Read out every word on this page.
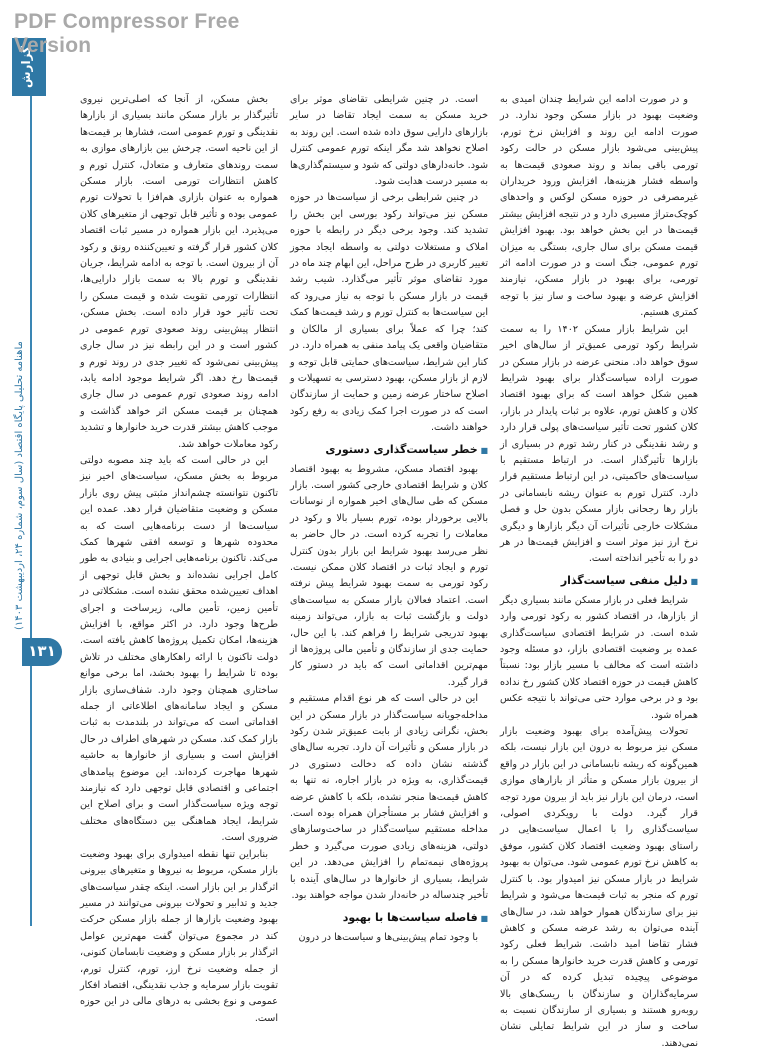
PDF Compressor Free Version
گزارش
ماهنامه تحلیلی پایگاه اقتصاد (سال سوم، شماره ۲۴، اردیبهشت ۱۴۰۳)
۱۳۱

و در صورت ادامه این شرایط چندان امیدی به وضعیت بهبود در بازار مسکن وجود ندارد. در صورت ادامه این روند و افزایش نرخ تورم، پیش‌بینی می‌شود بازار مسکن در حالت رکود تورمی باقی بماند و روند صعودی قیمت‌ها به واسطه فشار هزینه‌ها، افزایش ورود خریداران غیرمصرفی در حوزه مسکن لوکس و واحدهای کوچک‌متراژ مسیری دارد و در نتیجه افزایش بیشتر قیمت‌ها در این بخش خواهد بود. بهبود افزایش قیمت مسکن برای سال جاری، بستگی به میزان تورم عمومی، جنگ است و در صورت ادامه اثر تورمی، برای بهبود در بازار مسکن، نیازمند افزایش عرضه و بهبود ساخت و ساز نیز با توجه کمتری هستیم.

این شرایط بازار مسکن ۱۴۰۲ را به سمت شرایط رکود تورمی عمیق‌تر از سال‌های اخیر سوق خواهد داد. منحنی عرضه در بازار مسکن در صورت اراده سیاست‌گذار برای بهبود شرایط همین شکل خواهد است که برای بهبود اقتصاد کلان و کاهش تورم، علاوه بر ثبات پایدار در بازار، کلان کشور تحت تأثیر سیاست‌های پولی قرار دارد و رشد نقدینگی در کنار رشد تورم در بسیاری از بازارها تأثیرگذار است. در ارتباط مستقیم با سیاست‌های حاکمیتی، در این ارتباط مستقیم قرار دارد. کنترل تورم به عنوان ریشه نابسامانی در بازار رها رجحانی بازار مسکن بدون حل و فصل مشکلات خارجی تأثیرات آن دیگر بازارها و دیگری نرخ ارز نیز موثر است و افزایش قیمت‌ها در هر دو را به تأخیر انداخته است.

■ دلیل منفی سیاست‌گذار

شرایط فعلی در بازار مسکن مانند بسیاری دیگر از بازارها، در اقتصاد کشور به رکود تورمی وارد شده است. در شرایط اقتصادی سیاست‌گذاری عمده بر وضعیت اقتصادی بازار، دو مسئله وجود داشته است که مخالف با مسیر بازار بود: نسبتاً کاهش قیمت در حوزه اقتصاد کلان کشور رخ نداده بود و در برخی موارد حتی می‌تواند با نتیجه عکس همراه شود.

تحولات پیش‌آمده برای بهبود وضعیت بازار مسکن نیز مربوط به درون این بازار نیست، بلکه همین‌گونه که ریشه نابسامانی در این بازار در واقع از بیرون بازار مسکن و متأثر از بازارهای موازی است، درمان این بازار نیز باید از بیرون مورد توجه قرار گیرد. دولت با رویکردی اصولی، سیاست‌گذاری را با اعمال سیاست‌هایی در راستای بهبود وضعیت اقتصاد کلان کشور، موفق به کاهش نرخ تورم عمومی شود. می‌توان به بهبود شرایط در بازار مسکن نیز امیدوار بود. با کنترل تورم که منجر به ثبات قیمت‌ها می‌شود و شرایط نیز برای سازندگان هموار خواهد شد، در سال‌های آینده می‌توان به رشد عرضه مسکن و کاهش فشار تقاضا امید داشت. شرایط فعلی رکود تورمی و کاهش قدرت خرید خانوارها مسکن را به موضوعی پیچیده تبدیل کرده که در آن سرمایه‌گذاران و سازندگان با ریسک‌های بالا روبه‌رو هستند و بسیاری از سازندگان نسبت به ساخت و ساز در این شرایط تمایلی نشان نمی‌دهند.

است. در چنین شرایطی تقاضای موثر برای خرید مسکن به سمت ایجاد تقاضا در سایر بازارهای دارایی سوق داده شده است. این روند به اصلاح نخواهد شد مگر اینکه تورم عمومی کنترل شود. خانه‌دارهای دولتی که شود و سیستم‌گذاری‌ها به مسیر درست هدایت شود.

در چنین شرایطی برخی از سیاست‌ها در حوزه مسکن نیز می‌تواند رکود بورسی این بخش را تشدید کند. وجود برخی دیگر در رابطه با حوزه املاک و مستغلات دولتی به واسطه ایجاد مجوز تغییر کاربری در طرح مراحل، این ابهام چند ماه در مورد تقاضای موثر تأثیر می‌گذارد. شیب رشد قیمت در بازار مسکن با توجه به نیاز می‌رود که این سیاست‌ها به کنترل تورم و رشد قیمت‌ها کمک کند؛ چرا که عملاً برای بسیاری از مالکان و متقاضیان واقعی یک پیامد منفی به همراه دارد. در کنار این شرایط، سیاست‌های حمایتی قابل توجه و لازم از بازار مسکن، بهبود دسترسی به تسهیلات و اصلاح ساختار عرضه زمین و حمایت از سازندگان است که در صورت اجرا کمک زیادی به رفع رکود خواهند داشت.

■ خطر سیاست‌گذاری دستوری

بهبود اقتصاد مسکن، مشروط به بهبود اقتصاد کلان و شرایط اقتصادی خارجی کشور است. بازار مسکن که طی سال‌های اخیر همواره از نوسانات بالایی برخوردار بوده، تورم بسیار بالا و رکود در معاملات را تجربه کرده است. در حال حاضر به نظر می‌رسد بهبود شرایط این بازار بدون کنترل تورم و ایجاد ثبات در اقتصاد کلان ممکن نیست. رکود تورمی به سمت بهبود شرایط پیش نرفته است. اعتماد فعالان بازار مسکن به سیاست‌های دولت و بازگشت ثبات به بازار، می‌تواند زمینه بهبود تدریجی شرایط را فراهم کند. با این حال، حمایت جدی از سازندگان و تأمین مالی پروژه‌ها از مهم‌ترین اقداماتی است که باید در دستور کار قرار گیرد.

این در حالی است که هر نوع اقدام مستقیم و مداخله‌جویانه سیاست‌گذار در بازار مسکن در این بخش، نگرانی زیادی از بابت عمیق‌تر شدن رکود در بازار مسکن و تأثیرات آن دارد. تجربه سال‌های گذشته نشان داده که دخالت دستوری در قیمت‌گذاری، به ویژه در بازار اجاره، نه تنها به کاهش قیمت‌ها منجر نشده، بلکه با کاهش عرضه و افزایش فشار بر مستأجران همراه بوده است. مداخله مستقیم سیاست‌گذار در ساخت‌وسازهای دولتی، هزینه‌های زیادی صورت می‌گیرد و خطر پروژه‌های نیمه‌تمام را افزایش می‌دهد. در این شرایط، بسیاری از خانوارها در سال‌های آینده با تأخیر چندساله در خانه‌دار شدن مواجه خواهند بود.

■ فاصله سیاست‌ها با بهبود

با وجود تمام پیش‌بینی‌ها و سیاست‌ها در درون

بخش مسکن، از آنجا که اصلی‌ترین نیروی تأثیرگذار بر بازار مسکن مانند بسیاری از بازارها نقدینگی و تورم عمومی است، فشارها بر قیمت‌ها از این ناحیه است. چرخش بین بازارهای موازی به سمت روندهای متعارف و متعادل، کنترل تورم و کاهش انتظارات تورمی است. بازار مسکن همواره به عنوان بازاری هم‌افزا با تحولات تورم عمومی بوده و تأثیر قابل توجهی از متغیرهای کلان می‌پذیرد. این بازار همواره در مسیر ثبات اقتصاد کلان کشور قرار گرفته و تعیین‌کننده رونق و رکود آن از بیرون است. با توجه به ادامه شرایط، جریان نقدینگی و تورم بالا به سمت بازار دارایی‌ها، انتظارات تورمی تقویت شده و قیمت مسکن را تحت تأثیر خود قرار داده است. بخش مسکن، انتظار پیش‌بینی روند صعودی تورم عمومی در کشور است و در این رابطه نیز در سال جاری پیش‌بینی نمی‌شود که تغییر جدی در روند تورم و قیمت‌ها رخ دهد. اگر شرایط موجود ادامه یابد، ادامه روند صعودی تورم عمومی در سال جاری همچنان بر قیمت مسکن اثر خواهد گذاشت و موجب کاهش بیشتر قدرت خرید خانوارها و تشدید رکود معاملات خواهد شد.

این در حالی است که باید چند مصوبه دولتی مربوط به بخش مسکن، سیاست‌های اخیر نیز تاکنون نتوانسته چشم‌انداز مثبتی پیش روی بازار مسکن و وضعیت متقاضیان قرار دهد. عمده این سیاست‌ها از دست برنامه‌هایی است که به محدوده شهرها و توسعه افقی شهرها کمک می‌کند. تاکنون برنامه‌هایی اجرایی و بنیادی به طور کامل اجرایی نشده‌اند و بخش قابل توجهی از اهداف تعیین‌شده محقق نشده است. مشکلاتی در تأمین زمین، تأمین مالی، زیرساخت و اجرای طرح‌ها وجود دارد. در اکثر مواقع، با افزایش هزینه‌ها، امکان تکمیل پروژه‌ها کاهش یافته است. دولت تاکنون با ارائه راهکارهای مختلف در تلاش بوده تا شرایط را بهبود بخشد، اما برخی موانع ساختاری همچنان وجود دارد. شفاف‌سازی بازار مسکن و ایجاد سامانه‌های اطلاعاتی از جمله اقداماتی است که می‌تواند در بلندمدت به ثبات بازار کمک کند. مسکن در شهرهای اطراف در حال افزایش است و بسیاری از خانوارها به حاشیه شهرها مهاجرت کرده‌اند. این موضوع پیامدهای اجتماعی و اقتصادی قابل توجهی دارد که نیازمند توجه ویژه سیاست‌گذار است و برای اصلاح این شرایط، ایجاد هماهنگی بین دستگاه‌های مختلف ضروری است.

بنابراین تنها نقطه امیدواری برای بهبود وضعیت بازار مسکن، مربوط به نیروها و متغیرهای بیرونی اثرگذار بر این بازار است. اینکه چقدر سیاست‌های جدید و تدابیر و تحولات بیرونی می‌توانند در مسیر بهبود وضعیت بازارها از جمله بازار مسکن حرکت کند در مجموع می‌توان گفت مهم‌ترین عوامل اثرگذار بر بازار مسکن و وضعیت نابسامان کنونی، از جمله وضعیت نرخ ارز، تورم، کنترل تورم، تقویت بازار سرمایه و جذب نقدینگی، اقتصاد افکار عمومی و نوع بخشی به درهای مالی در این حوزه است.
